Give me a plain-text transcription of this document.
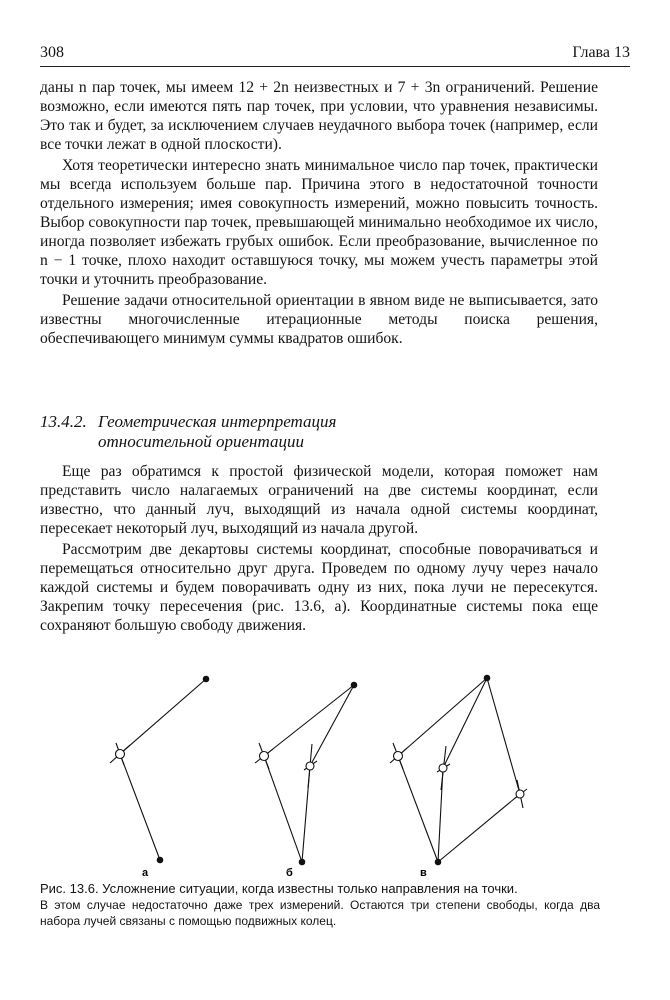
308	Глава 13

даны n пар точек, мы имеем 12 + 2n неизвестных и 7 + 3n ограничений. Решение возможно, если имеются пять пар точек, при условии, что уравнения независимы. Это так и будет, за исключением случаев неудачного выбора точек (например, если все точки лежат в одной плоскости).

Хотя теоретически интересно знать минимальное число пар точек, практически мы всегда используем больше пар. Причина этого в недостаточной точности отдельного измерения; имея совокупность измерений, можно повысить точность. Выбор совокупности пар точек, превышающей минимально необходимое их число, иногда позволяет избежать грубых ошибок. Если преобразование, вычисленное по n − 1 точке, плохо находит оставшуюся точку, мы можем учесть параметры этой точки и уточнить преобразование.

Решение задачи относительной ориентации в явном виде не выписывается, зато известны многочисленные итерационные методы поиска решения, обеспечивающего минимум суммы квадратов ошибок.

13.4.2. Геометрическая интерпретация
относительной ориентации

Еще раз обратимся к простой физической модели, которая поможет нам представить число налагаемых ограничений на две системы координат, если известно, что данный луч, выходящий из начала одной системы координат, пересекает некоторый луч, выходящий из начала другой.

Рассмотрим две декартовы системы координат, способные поворачиваться и перемещаться относительно друг друга. Проведем по одному лучу через начало каждой системы и будем поворачивать одну из них, пока лучи не пересекутся. Закрепим точку пересечения (рис. 13.6, a). Координатные системы пока еще сохраняют большую свободу движения.

а	б	в
Рис. 13.6. Усложнение ситуации, когда известны только направления на точки.
В этом случае недостаточно даже трех измерений. Остаются три степени свободы, когда два набора лучей связаны с помощью подвижных колец.
